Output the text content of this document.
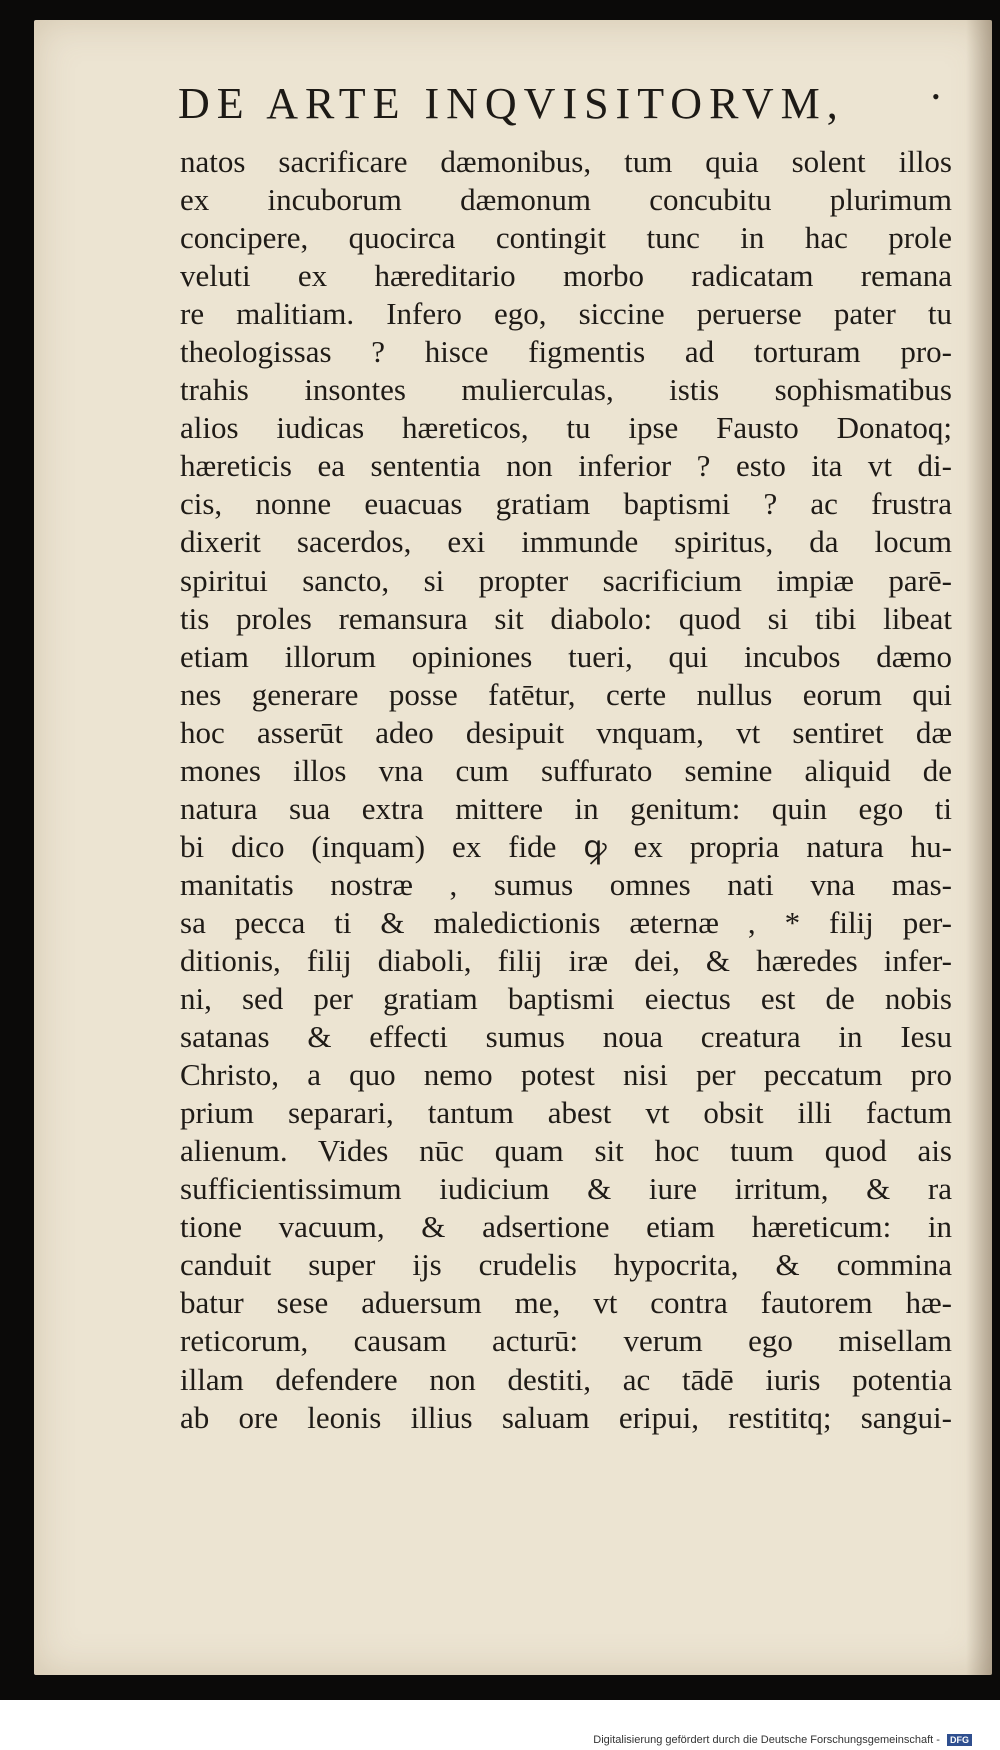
DE ARTE INQVISITORVM,	•
natos sacrificare dæmonibus, tum quia solent illos
ex incuborum dæmonum concubitu plurimum
concipere, quocirca contingit tunc in hac prole
veluti ex hæreditario morbo radicatam remana
re malitiam. Infero ego, siccine peruerse pater tu
theologissas ? hisce figmentis ad torturam pro-
trahis insontes mulierculas, istis sophismatibus
alios iudicas hæreticos, tu ipse Fausto Donatoq;
hæreticis ea sententia non inferior ? esto ita vt di-
cis, nonne euacuas gratiam baptismi ? ac frustra
dixerit sacerdos, exi immunde spiritus, da locum
spiritui sancto, si propter sacrificium impiæ parē-
tis proles remansura sit diabolo: quod si tibi libeat
etiam illorum opiniones tueri, qui incubos dæmo
nes generare posse fatētur, certe nullus eorum qui
hoc asserūt adeo desipuit vnquam, vt sentiret dæ
mones illos vna cum suffurato semine aliquid de
natura sua extra mittere in genitum: quin ego ti
bi dico (inquam) ex fide ꝙ ex propria natura hu-
manitatis nostræ , sumus omnes nati vna mas-
sa pecca ti & maledictionis æternæ , * filij per-
ditionis, filij diaboli, filij iræ dei, & hæredes infer-
ni, sed per gratiam baptismi eiectus est de nobis
satanas & effecti sumus noua creatura in Iesu
Christo, a quo nemo potest nisi per peccatum pro
prium separari, tantum abest vt obsit illi factum
alienum. Vides nūc quam sit hoc tuum quod ais
sufficientissimum iudicium & iure irritum, & ra
tione vacuum, & adsertione etiam hæreticum: in
canduit super ijs crudelis hypocrita, & commina
batur sese aduersum me, vt contra fautorem hæ-
reticorum, causam acturū: verum ego misellam
illam defendere non destiti, ac tādē iuris potentia
ab ore leonis illius saluam eripui, restititq; sangui-
Digitalisierung gefördert durch die Deutsche Forschungsgemeinschaft - DFG
